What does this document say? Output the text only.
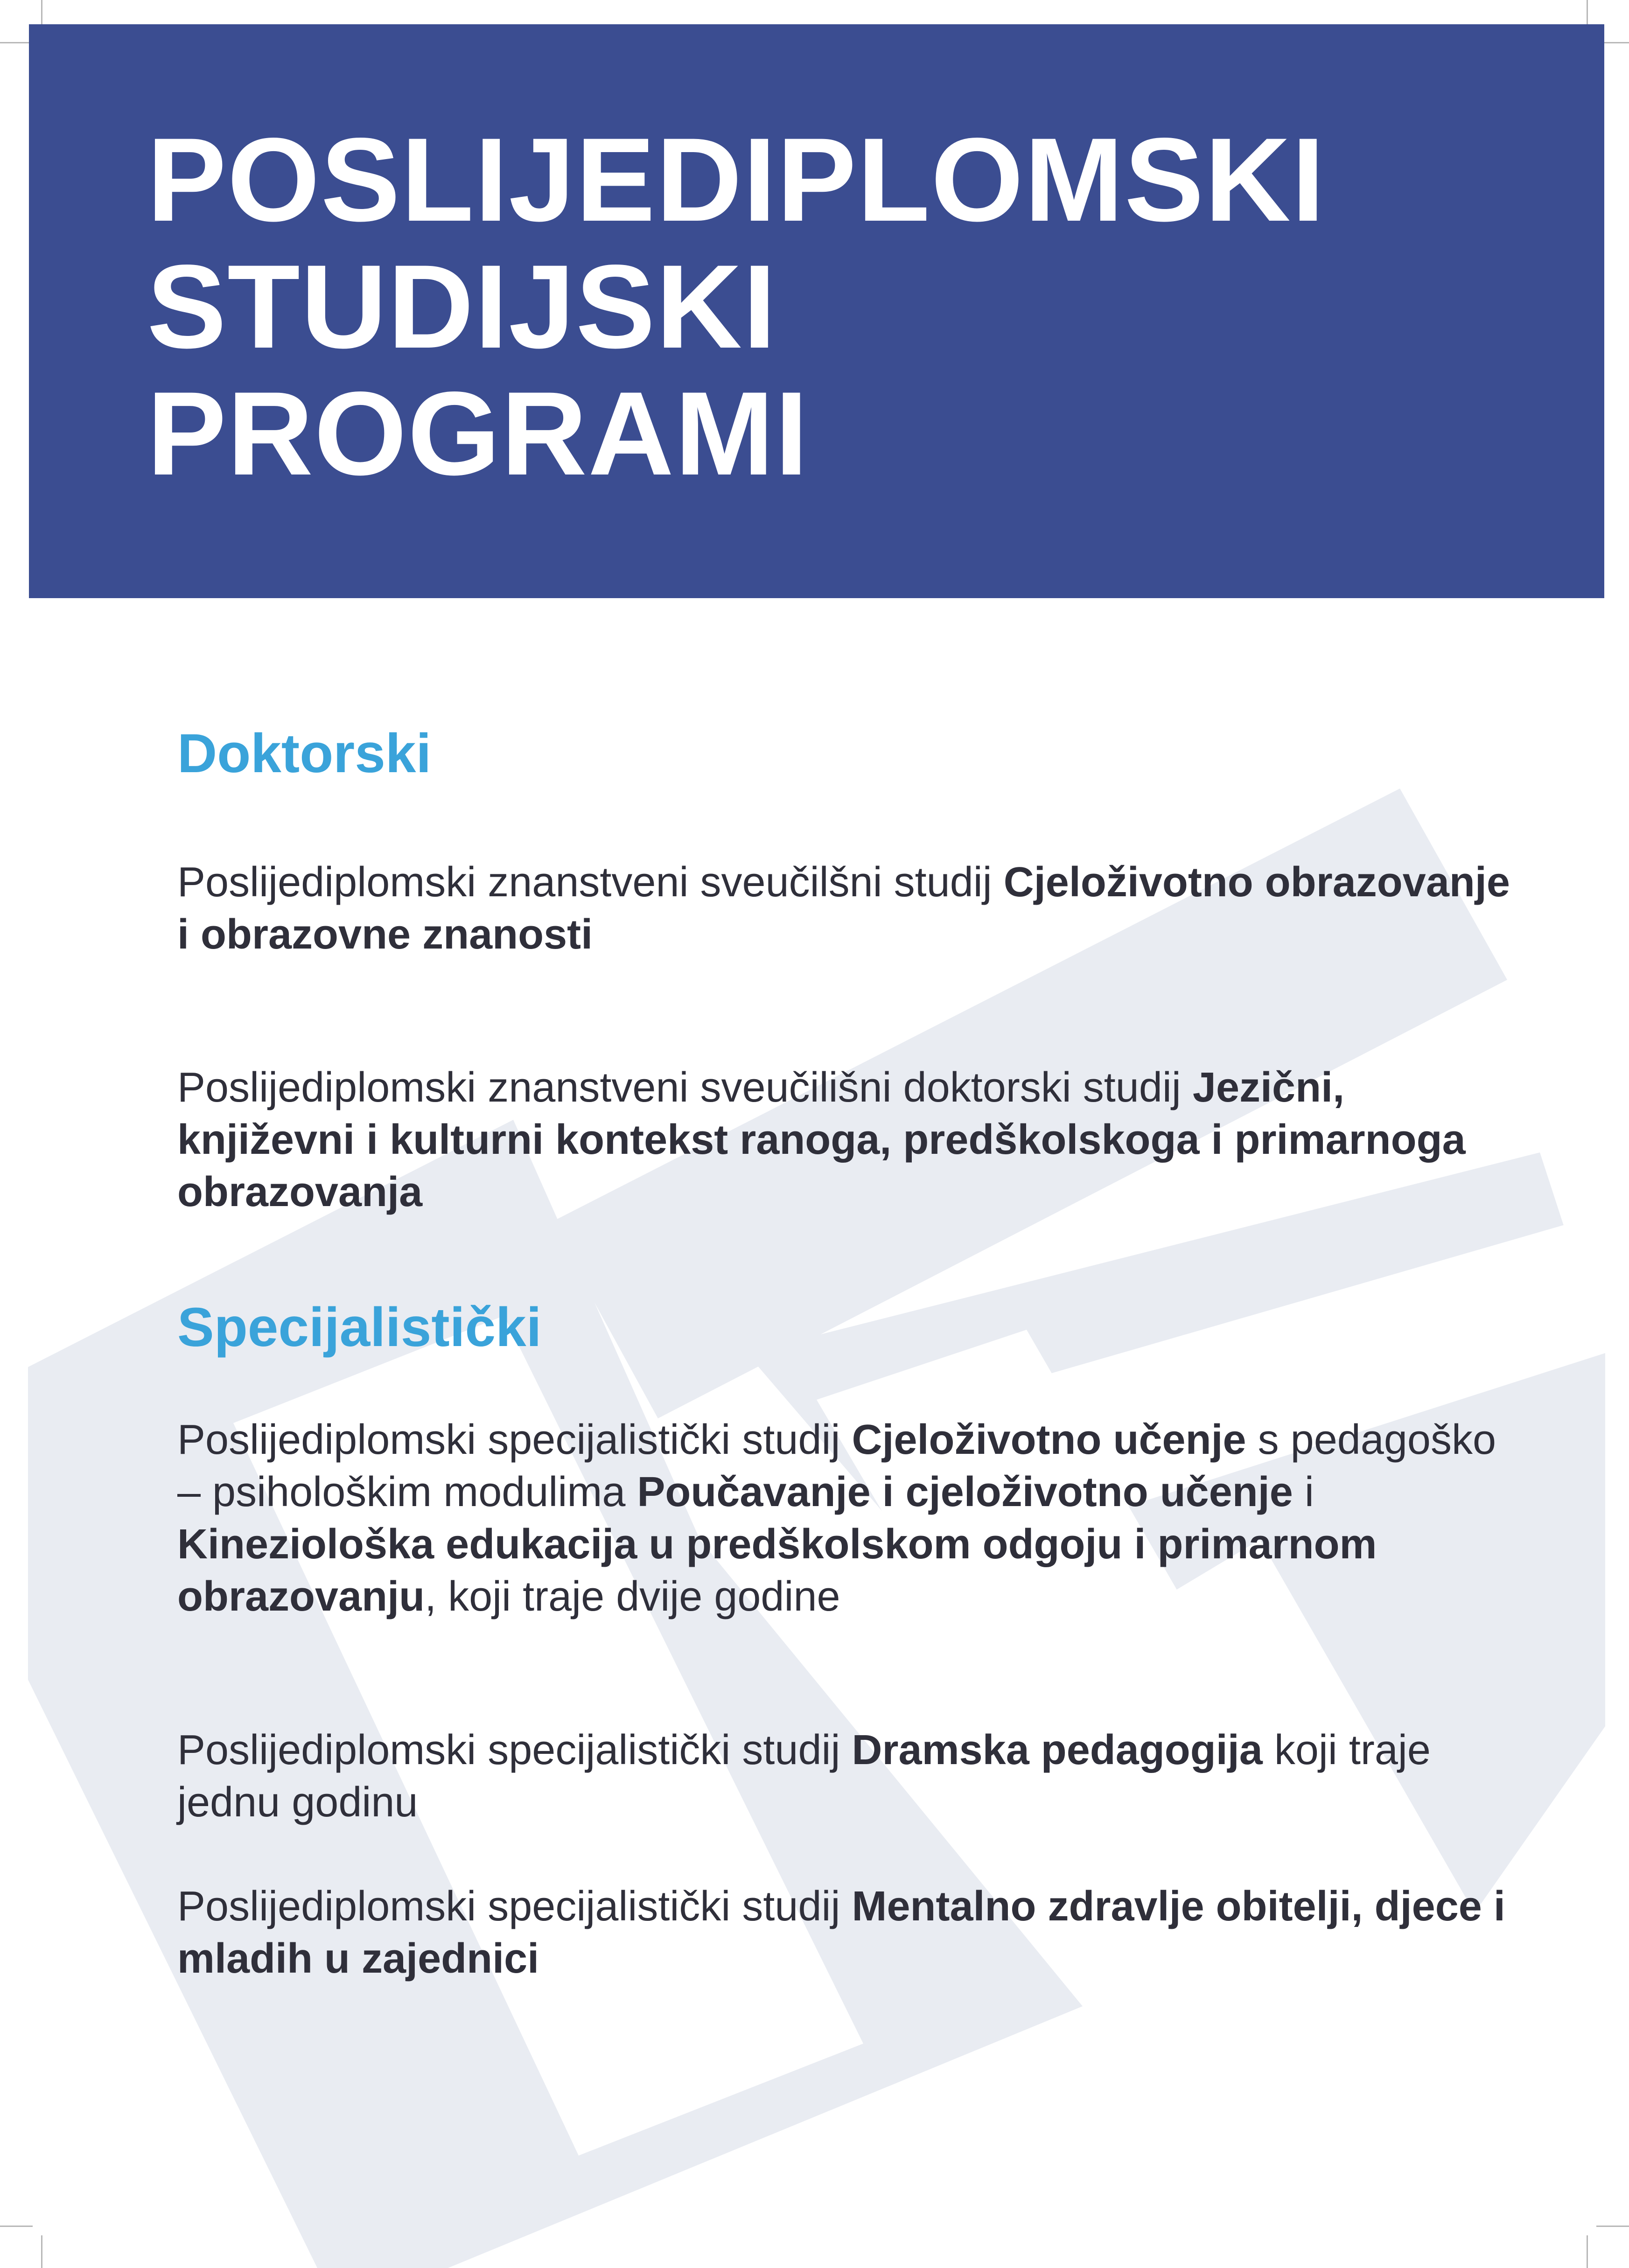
POSLIJEDIPLOMSKI
STUDIJSKI
PROGRAMI
Doktorski

Poslijediplomski znanstveni sveučilšni studij Cjeloživotno obrazovanje i obrazovne znanosti

Poslijediplomski znanstveni sveučilišni doktorski studij Jezični, književni i kulturni kontekst ranoga, predškolskoga i primarnoga obrazovanja

Specijalistički

Poslijediplomski specijalistički studij Cjeloživotno učenje s pedagoško – psihološkim modulima Poučavanje i cjeloživotno učenje i Kineziološka edukacija u predškolskom odgoju i primarnom obrazovanju, koji traje dvije godine

Poslijediplomski specijalistički studij Dramska pedagogija koji traje jednu godinu

Poslijediplomski specijalistički studij Mentalno zdravlje obitelji, djece i mladih u zajednici
